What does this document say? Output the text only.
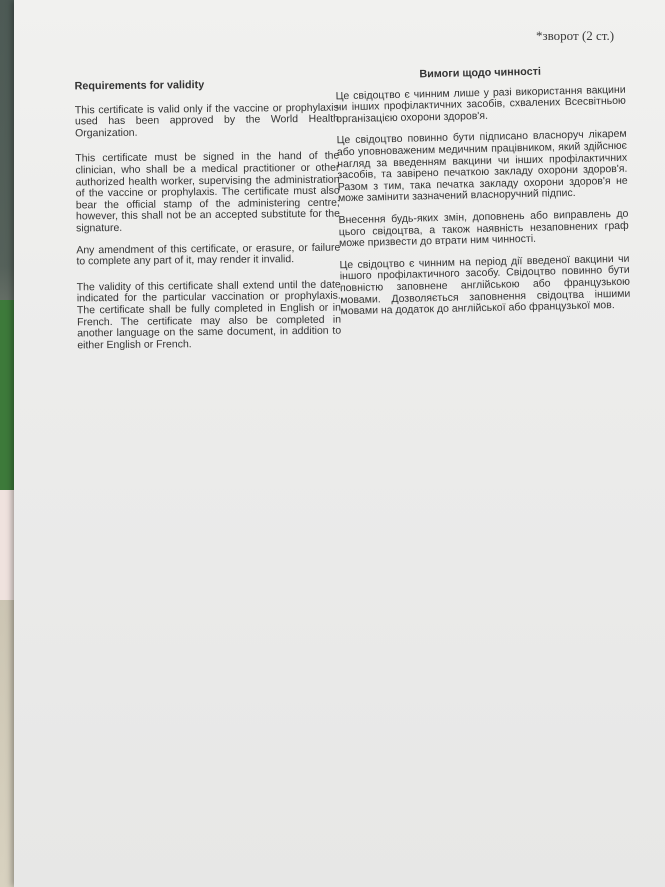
*зворот (2 ст.)
Requirements for validity

This certificate is valid only if the vaccine or prophylaxis used has been approved by the World Health Organization.

This certificate must be signed in the hand of the clinician, who shall be a medical practitioner or other authorized health worker, supervising the administration of the vaccine or prophylaxis. The certificate must also bear the official stamp of the administering centre; however, this shall not be an accepted substitute for the signature.

Any amendment of this certificate, or erasure, or failure to complete any part of it, may render it invalid.

The validity of this certificate shall extend until the date indicated for the particular vaccination or prophylaxis. The certificate shall be fully completed in English or in French. The certificate may also be completed in another language on the same document, in addition to either English or French.

Вимоги щодо чинності

Це свідоцтво є чинним лише у разі використання вакцини чи інших профілактичних засобів, схвалених Всесвітньою організацією охорони здоров'я.

Це свідоцтво повинно бути підписано власноруч лікарем або уповноваженим медичним працівником, який здійснює нагляд за введенням вакцини чи інших профілактичних засобів, та завірено печаткою закладу охорони здоров'я. Разом з тим, така печатка закладу охорони здоров'я не може замінити зазначений власноручний підпис.

Внесення будь-яких змін, доповнень або виправлень до цього свідоцтва, а також наявність незаповнених граф може призвести до втрати ним чинності.

Це свідоцтво є чинним на період дії введеної вакцини чи іншого профілактичного засобу. Свідоцтво повинно бути повністю заповнене англійською або французькою мовами. Дозволяється заповнення свідоцтва іншими мовами на додаток до англійської або французької мов.
